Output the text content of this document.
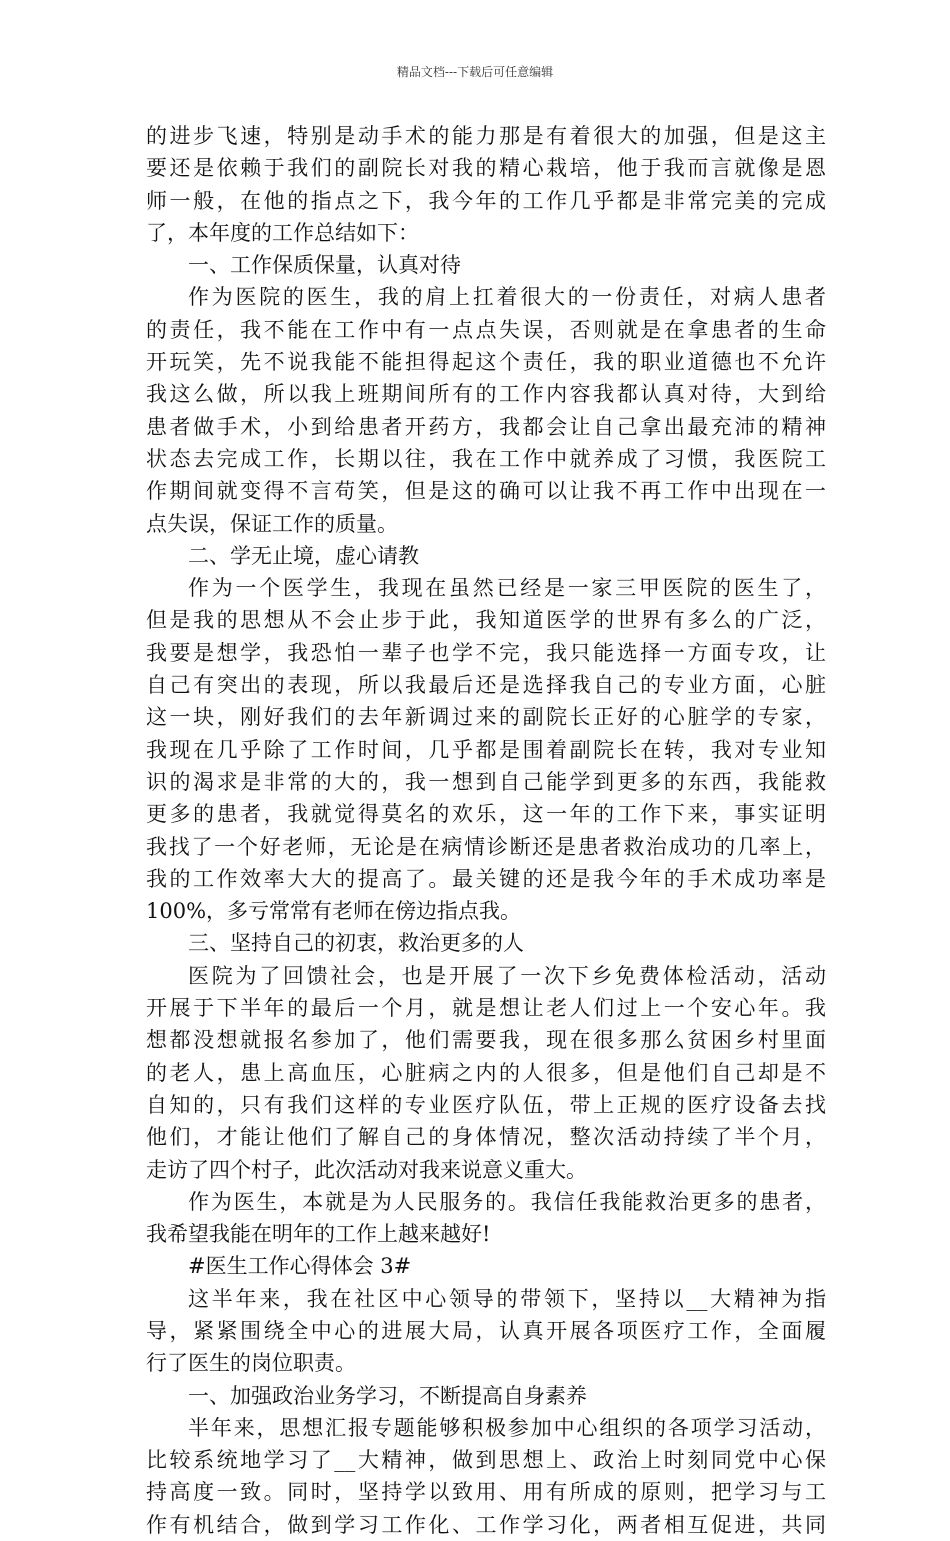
精品文档---下载后可任意编辑
的进步飞速，特别是动手术的能力那是有着很大的加强，但是这主
要还是依赖于我们的副院长对我的精心栽培，他于我而言就像是恩
师一般，在他的指点之下，我今年的工作几乎都是非常完美的完成
了，本年度的工作总结如下：
一、工作保质保量，认真对待
作为医院的医生，我的肩上扛着很大的一份责任，对病人患者
的责任，我不能在工作中有一点点失误，否则就是在拿患者的生命
开玩笑，先不说我能不能担得起这个责任，我的职业道德也不允许
我这么做，所以我上班期间所有的工作内容我都认真对待，大到给
患者做手术，小到给患者开药方，我都会让自己拿出最充沛的精神
状态去完成工作，长期以往，我在工作中就养成了习惯，我医院工
作期间就变得不言苟笑，但是这的确可以让我不再工作中出现在一
点失误，保证工作的质量。
二、学无止境，虚心请教
作为一个医学生，我现在虽然已经是一家三甲医院的医生了，
但是我的思想从不会止步于此，我知道医学的世界有多么的广泛，
我要是想学，我恐怕一辈子也学不完，我只能选择一方面专攻，让
自己有突出的表现，所以我最后还是选择我自己的专业方面，心脏
这一块，刚好我们的去年新调过来的副院长正好的心脏学的专家，
我现在几乎除了工作时间，几乎都是围着副院长在转，我对专业知
识的渴求是非常的大的，我一想到自己能学到更多的东西，我能救
更多的患者，我就觉得莫名的欢乐，这一年的工作下来，事实证明
我找了一个好老师，无论是在病情诊断还是患者救治成功的几率上，
我的工作效率大大的提高了。最关键的还是我今年的手术成功率是
100%，多亏常常有老师在傍边指点我。
三、坚持自己的初衷，救治更多的人
医院为了回馈社会，也是开展了一次下乡免费体检活动，活动
开展于下半年的最后一个月，就是想让老人们过上一个安心年。我
想都没想就报名参加了，他们需要我，现在很多那么贫困乡村里面
的老人，患上高血压，心脏病之内的人很多，但是他们自己却是不
自知的，只有我们这样的专业医疗队伍，带上正规的医疗设备去找
他们，才能让他们了解自己的身体情况，整次活动持续了半个月，
走访了四个村子，此次活动对我来说意义重大。
作为医生，本就是为人民服务的。我信任我能救治更多的患者，
我希望我能在明年的工作上越来越好!
#医生工作心得体会 3#
这半年来，我在社区中心领导的带领下，坚持以__大精神为指
导，紧紧围绕全中心的进展大局，认真开展各项医疗工作，全面履
行了医生的岗位职责。
一、加强政治业务学习，不断提高自身素养
半年来，思想汇报专题能够积极参加中心组织的各项学习活动，
比较系统地学习了__大精神，做到思想上、政治上时刻同党中心保
持高度一致。同时，坚持学以致用、用有所成的原则，把学习与工
作有机结合，做到学习工作化、工作学习化，两者相互促进，共同
